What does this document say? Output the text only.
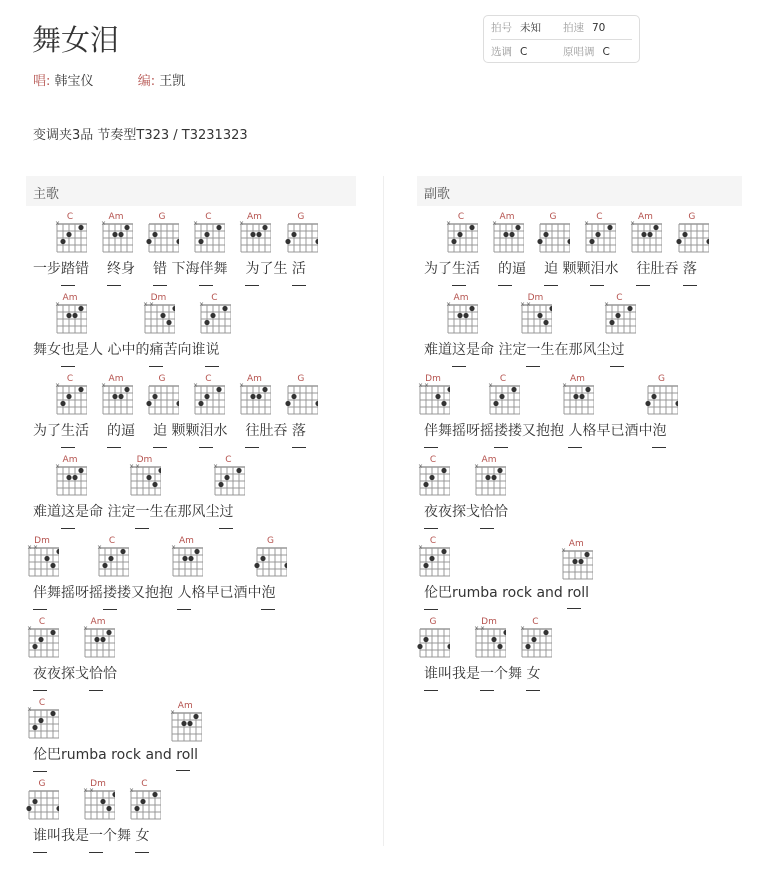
舞女泪
唱: 韩宝仪	编: 王凯
拍号 未知	拍速 70
选调 C	原唱调 C
变调夹3品 节奏型T323 / T3231323
主歌
一步
C
×
踏错
Am
×
终身
G
错 下海
C
×
伴舞
Am
×
为了生
G
活
舞女
Am
×
也是人 心中的
Dm
× ×
痛苦向谁
C
×
说
为了
C
×
生活
Am
×
的逼
G
迫 颗颗
C
×
泪水
Am
×
往肚吞
G
落
难道
Am
×
这是命 注定
Dm
× ×
一生在那风尘
C
×
过
Dm
× ×
伴舞摇呀摇
C
×
搂搂又抱抱
Am
×
人格早已酒中
G
泡
C
×
夜夜探戈
Am
×
恰恰
C
×
伦巴rumba rock and
Am
×
roll
G
谁叫我是
Dm
× ×
一个舞
C
×
女
副歌
为了
C
×
生活
Am
×
的逼
G
迫 颗颗
C
×
泪水
Am
×
往肚吞
G
落
难道
Am
×
这是命 注定
Dm
× ×
一生在那风尘
C
×
过
Dm
× ×
伴舞摇呀摇
C
×
搂搂又抱抱
Am
×
人格早已酒中
G
泡
C
×
夜夜探戈
Am
×
恰恰
C
×
伦巴rumba rock and
Am
×
roll
G
谁叫我是
Dm
× ×
一个舞
C
×
女
